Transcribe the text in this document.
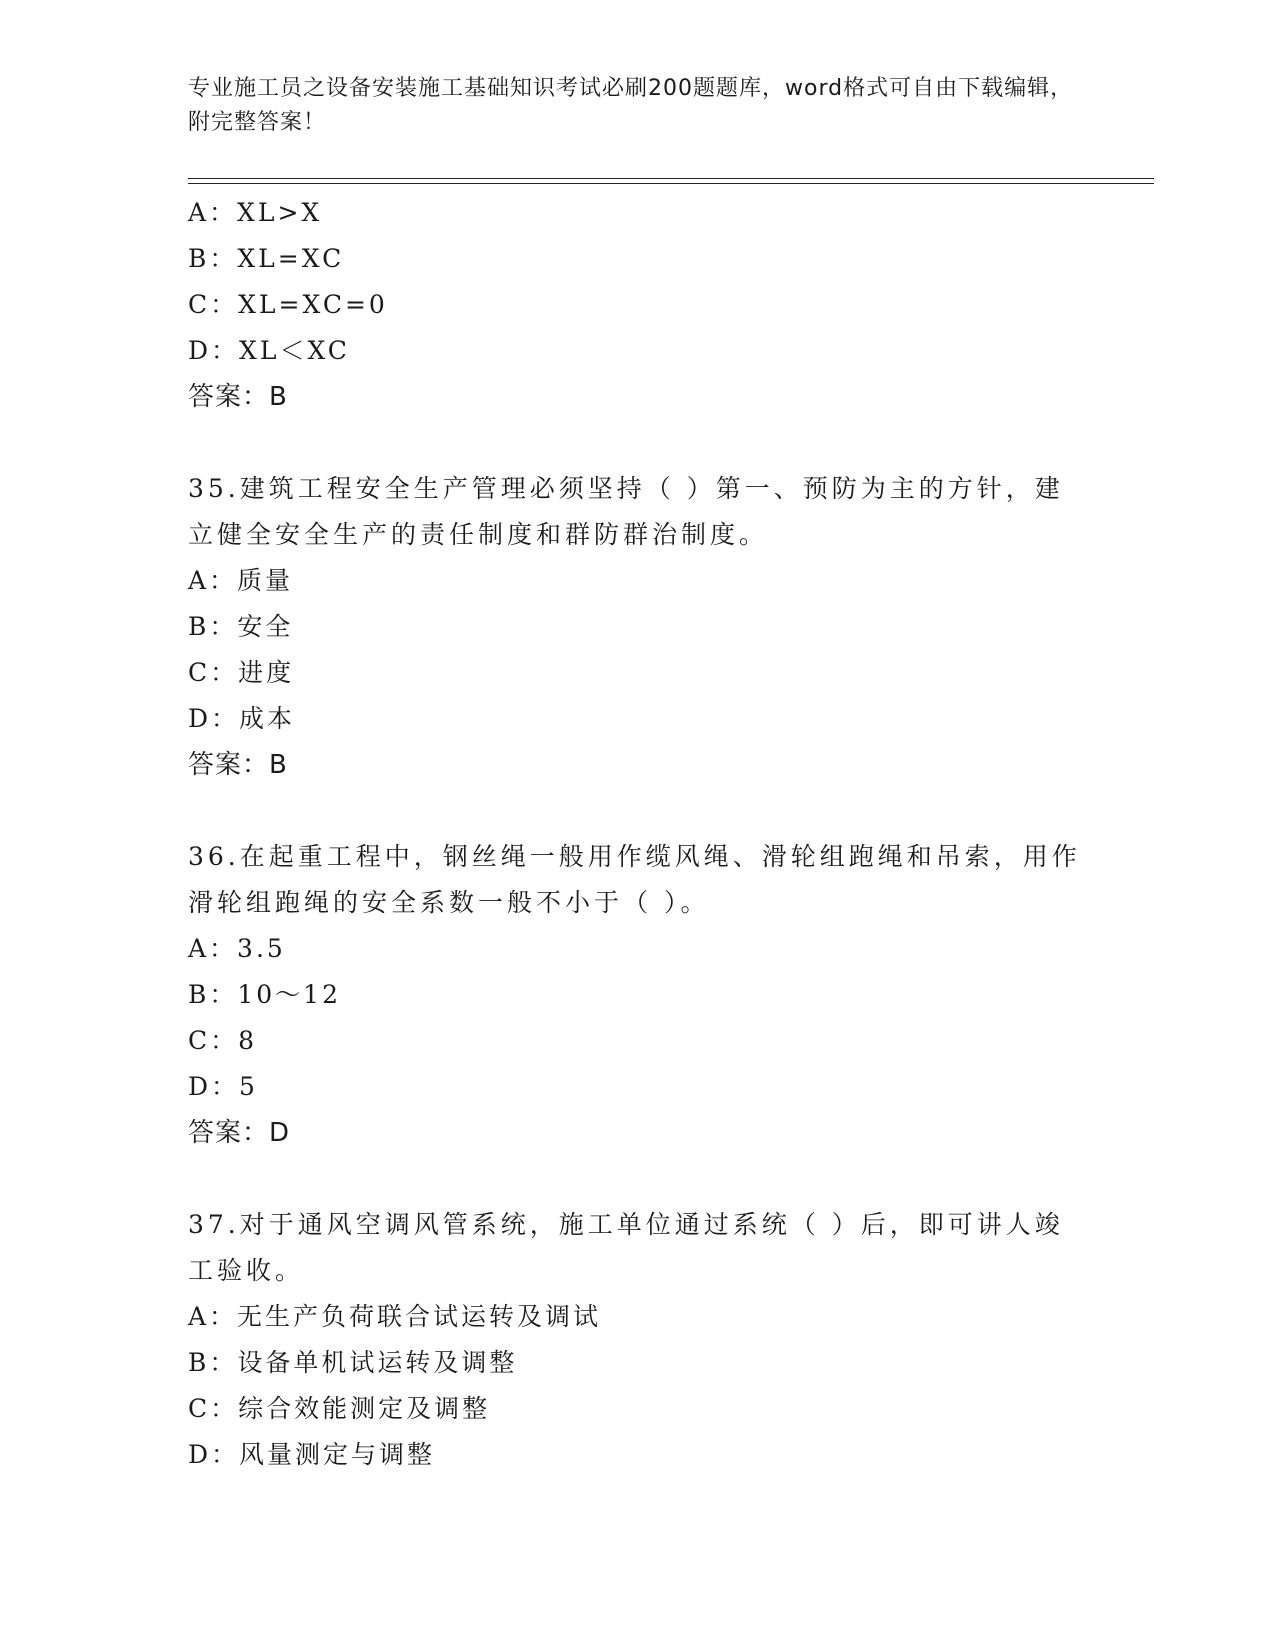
专业施工员之设备安装施工基础知识考试必刷200题题库，word格式可自由下载编辑，附完整答案！
A：XL>X
B：XL=XC
C：XL=XC=0
D：XL＜XC
答案：B
35.建筑工程安全生产管理必须坚持（ ）第一、预防为主的方针，建立健全安全生产的责任制度和群防群治制度。
A：质量
B：安全
C：进度
D：成本
答案：B
36.在起重工程中，钢丝绳一般用作缆风绳、滑轮组跑绳和吊索，用作滑轮组跑绳的安全系数一般不小于（ ）。
A：3.5
B：10～12
C：8
D：5
答案：D
37.对于通风空调风管系统，施工单位通过系统（ ）后，即可讲人竣工验收。
A：无生产负荷联合试运转及调试
B：设备单机试运转及调整
C：综合效能测定及调整
D：风量测定与调整
